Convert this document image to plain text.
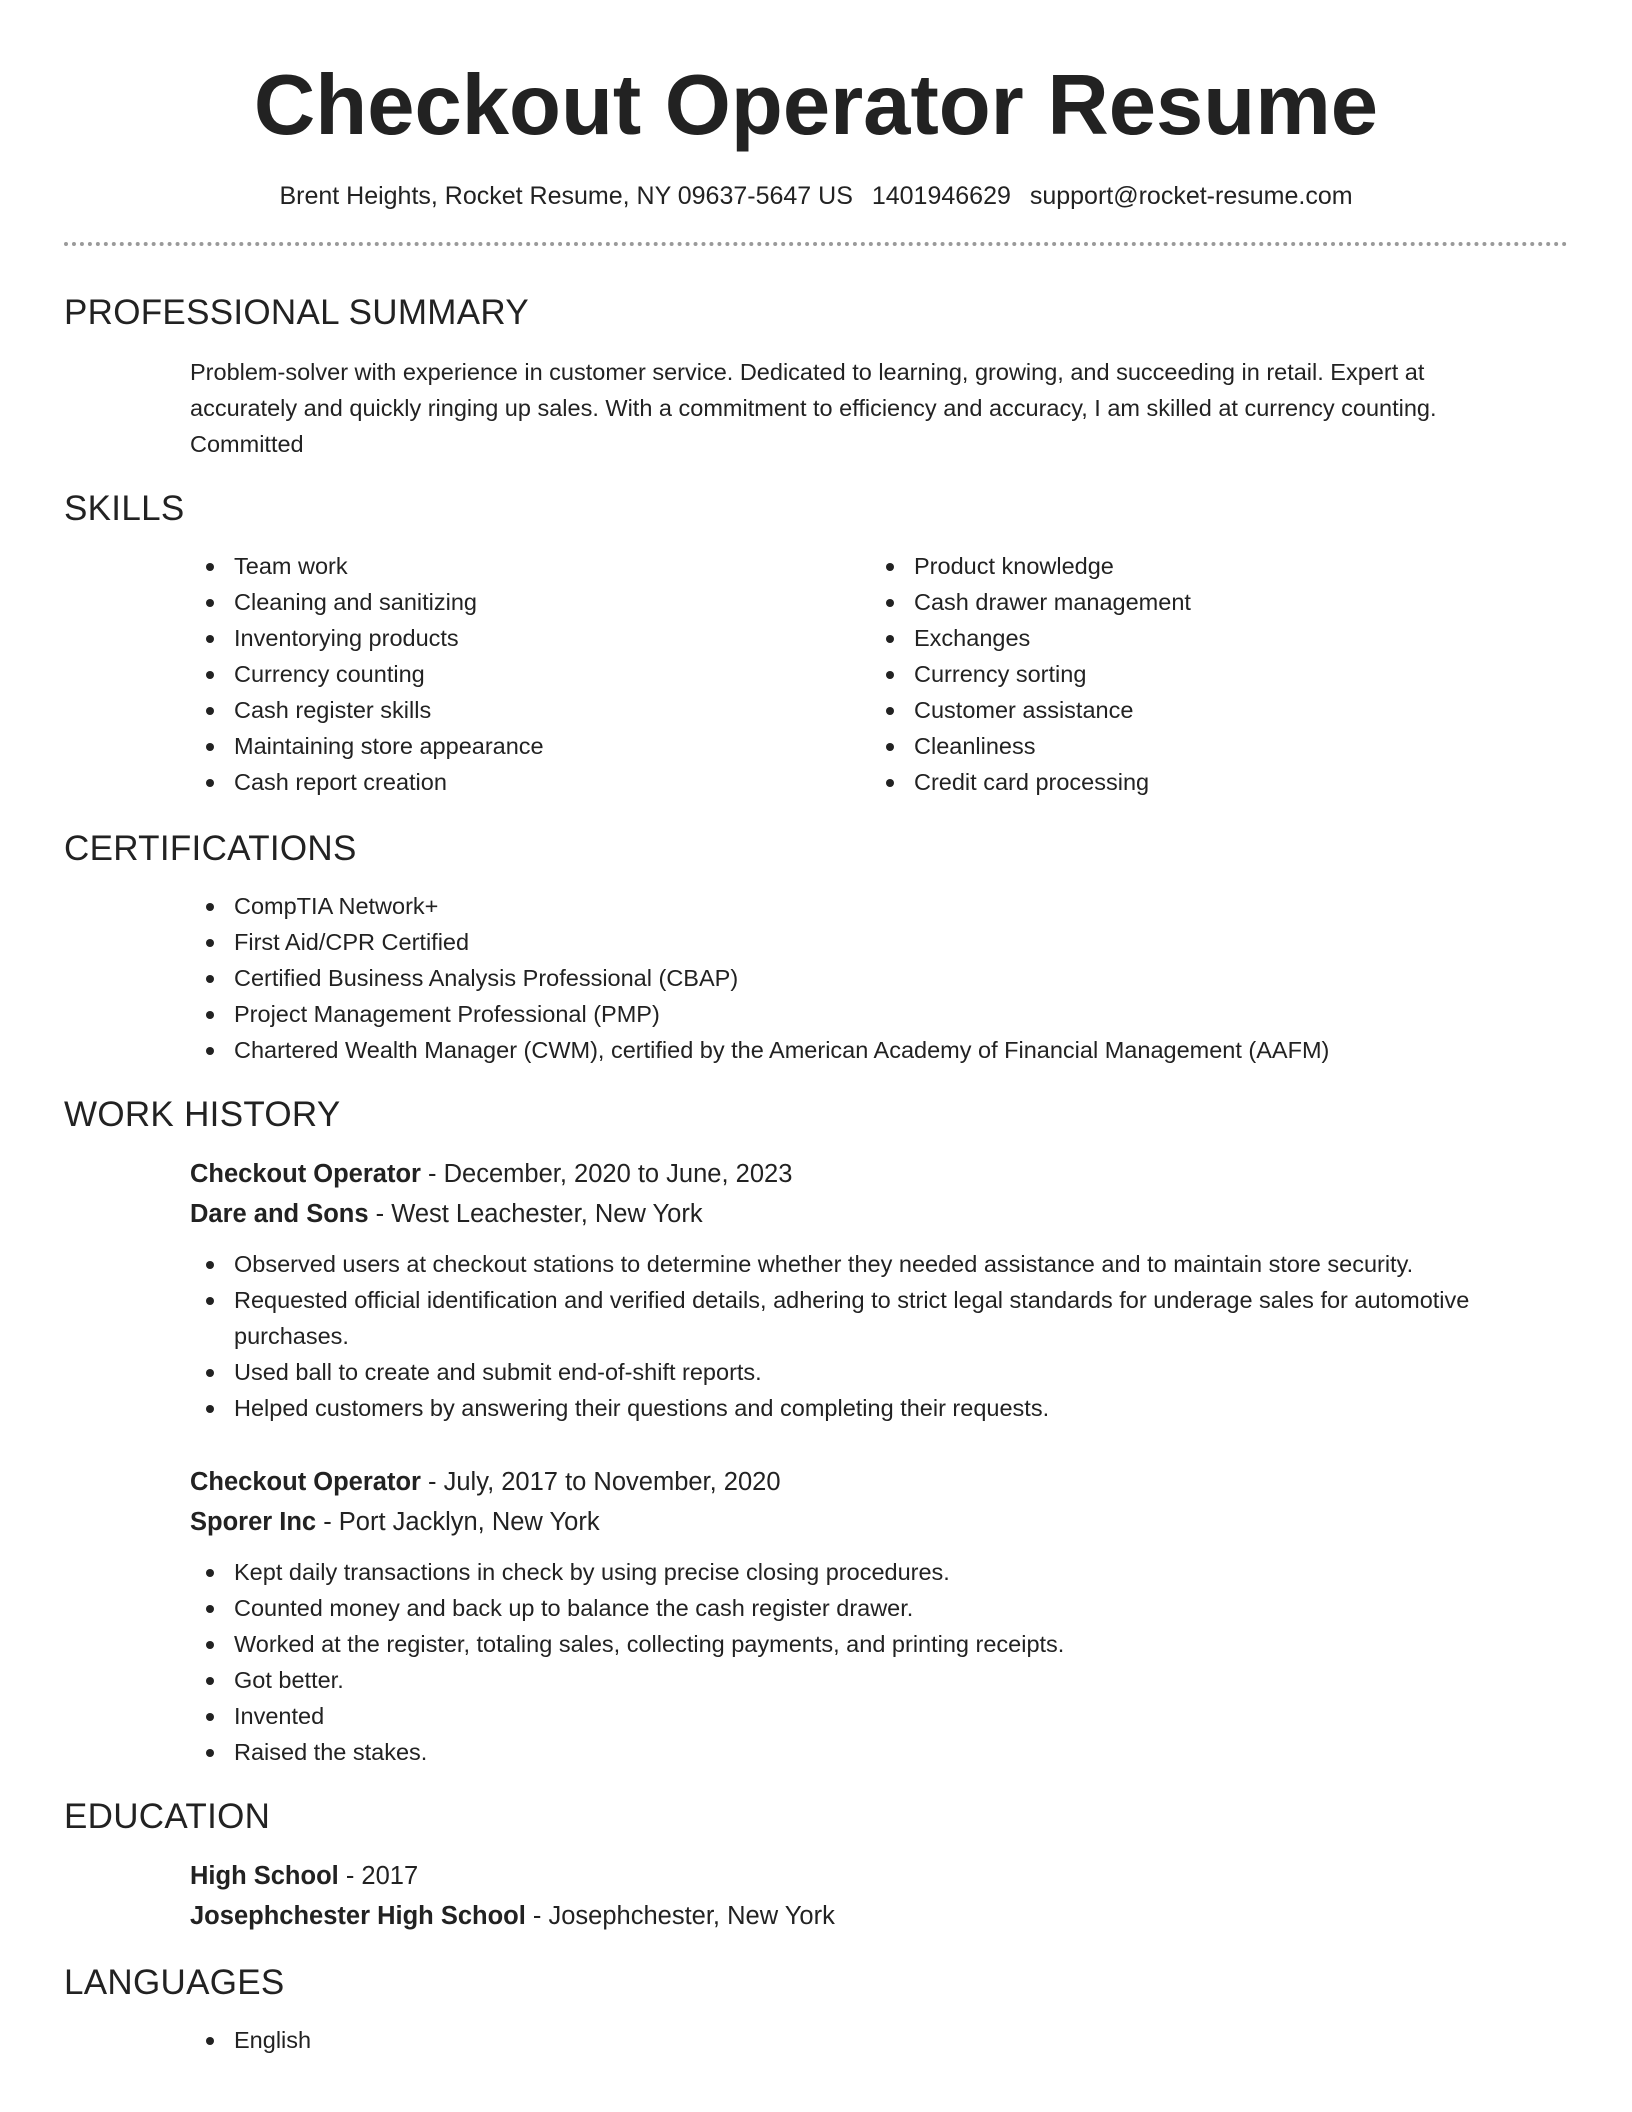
Checkout Operator Resume
Brent Heights, Rocket Resume, NY 09637-5647 US 1401946629 support@rocket-resume.com
PROFESSIONAL SUMMARY

Problem-solver with experience in customer service. Dedicated to learning, growing, and succeeding in retail. Expert at accurately and quickly ringing up sales. With a commitment to efficiency and accuracy, I am skilled at currency counting. Committed

SKILLS
Team work
Cleaning and sanitizing
Inventorying products
Currency counting
Cash register skills
Maintaining store appearance
Cash report creation
Product knowledge
Cash drawer management
Exchanges
Currency sorting
Customer assistance
Cleanliness
Credit card processing
CERTIFICATIONS
CompTIA Network+
First Aid/CPR Certified
Certified Business Analysis Professional (CBAP)
Project Management Professional (PMP)
Chartered Wealth Manager (CWM), certified by the American Academy of Financial Management (AAFM)
WORK HISTORY
Checkout Operator - December, 2020 to June, 2023
Dare and Sons - West Leachester, New York
Observed users at checkout stations to determine whether they needed assistance and to maintain store security.
Requested official identification and verified details, adhering to strict legal standards for underage sales for automotive purchases.
Used ball to create and submit end-of-shift reports.
Helped customers by answering their questions and completing their requests.
Checkout Operator - July, 2017 to November, 2020
Sporer Inc - Port Jacklyn, New York
Kept daily transactions in check by using precise closing procedures.
Counted money and back up to balance the cash register drawer.
Worked at the register, totaling sales, collecting payments, and printing receipts.
Got better.
Invented
Raised the stakes.
EDUCATION
High School - 2017
Josephchester High School - Josephchester, New York
LANGUAGES
English
